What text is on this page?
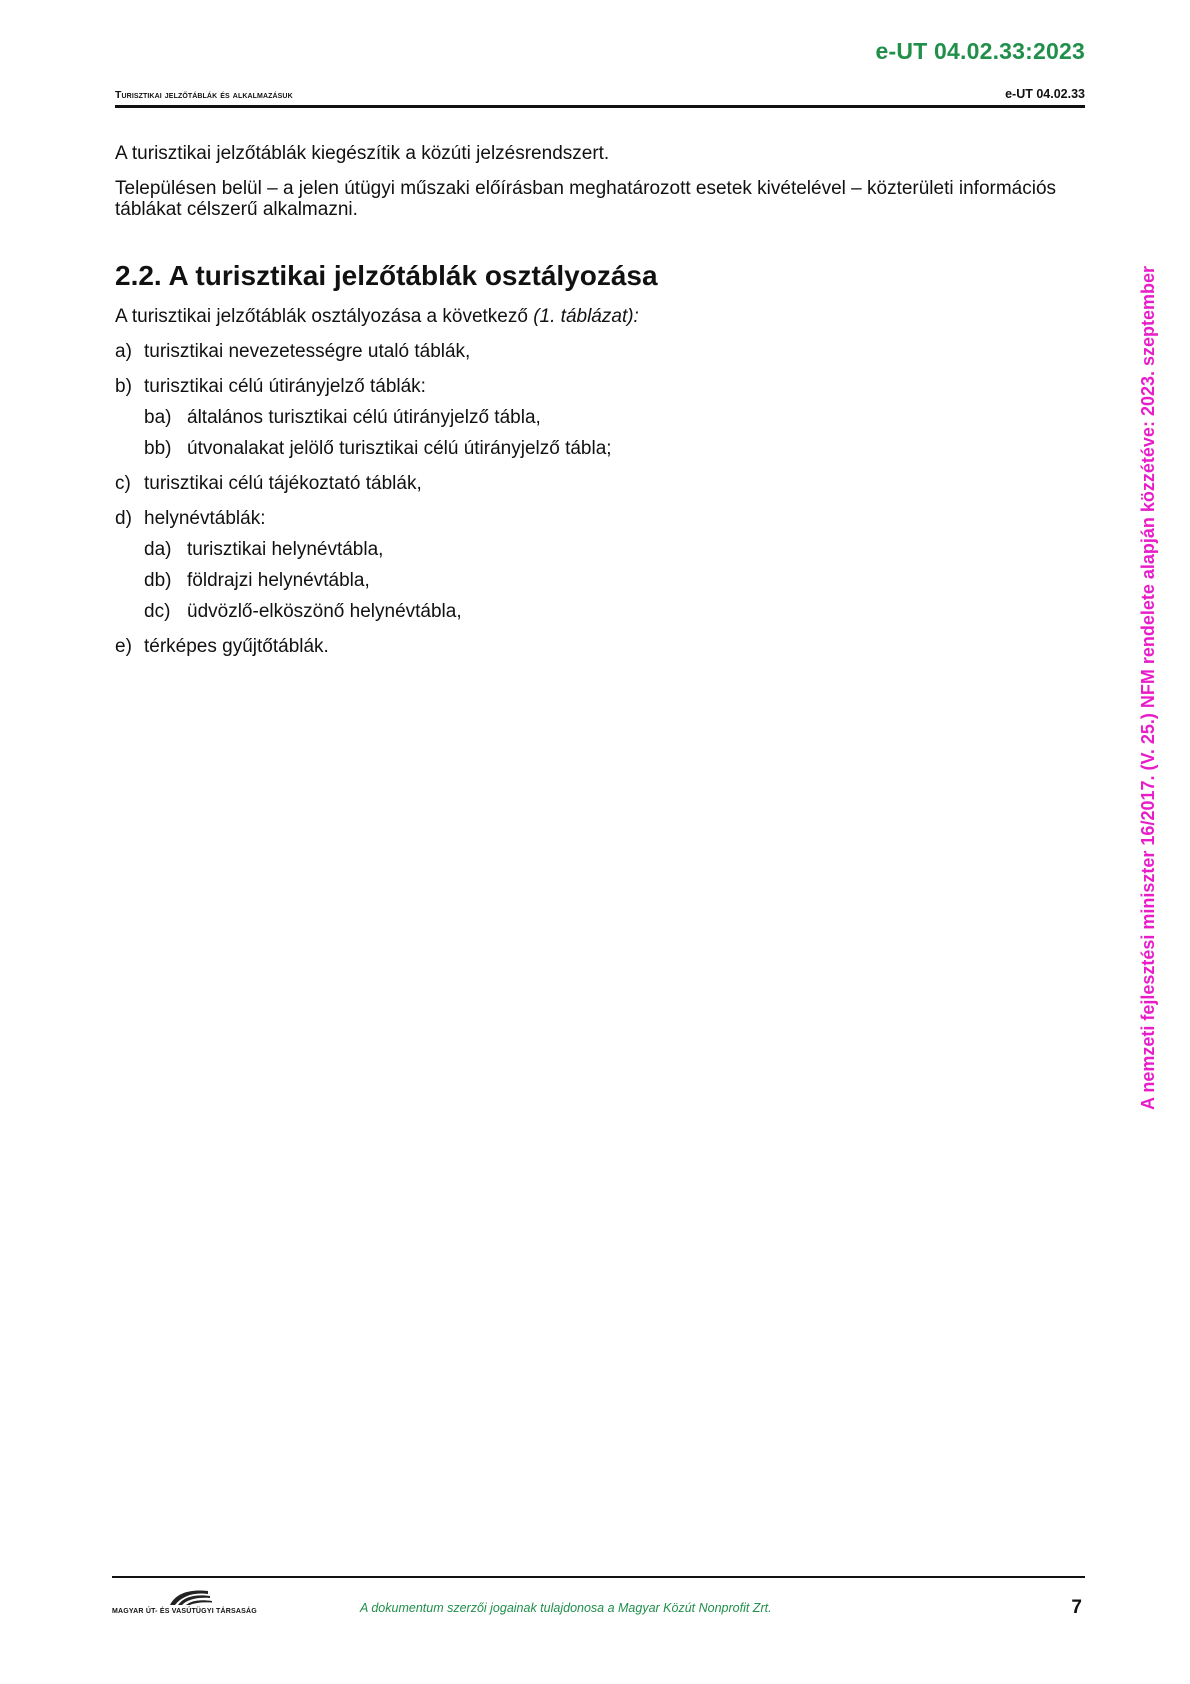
e-UT 04.02.33:2023
Turisztikai jelzőtáblák és alkalmazásuk	e-UT 04.02.33

A turisztikai jelzőtáblák kiegészítik a közúti jelzésrendszert.

Településen belül – a jelen útügyi műszaki előírásban meghatározott esetek kivételével – közterületi információs táblákat célszerű alkalmazni.

2.2. A turisztikai jelzőtáblák osztályozása

A turisztikai jelzőtáblák osztályozása a következő (1. táblázat):

a) turisztikai nevezetességre utaló táblák,
b) turisztikai célú útirányjelző táblák:
ba) általános turisztikai célú útirányjelző tábla,
bb) útvonalakat jelölő turisztikai célú útirányjelző tábla;
c) turisztikai célú tájékoztató táblák,
d) helynévtáblák:
da) turisztikai helynévtábla,
db) földrajzi helynévtábla,
dc) üdvözlő-elköszönő helynévtábla,
e) térképes gyűjtőtáblák.	A nemzeti fejlesztési miniszter 16/2017. (V. 25.) NFM rendelete alapján közzétéve: 2023. szeptember
MAGYAR ÚT- ÉS VASÚTÜGYI TÁRSASÁG	A dokumentum szerzői jogainak tulajdonosa a Magyar Közút Nonprofit Zrt.	7
